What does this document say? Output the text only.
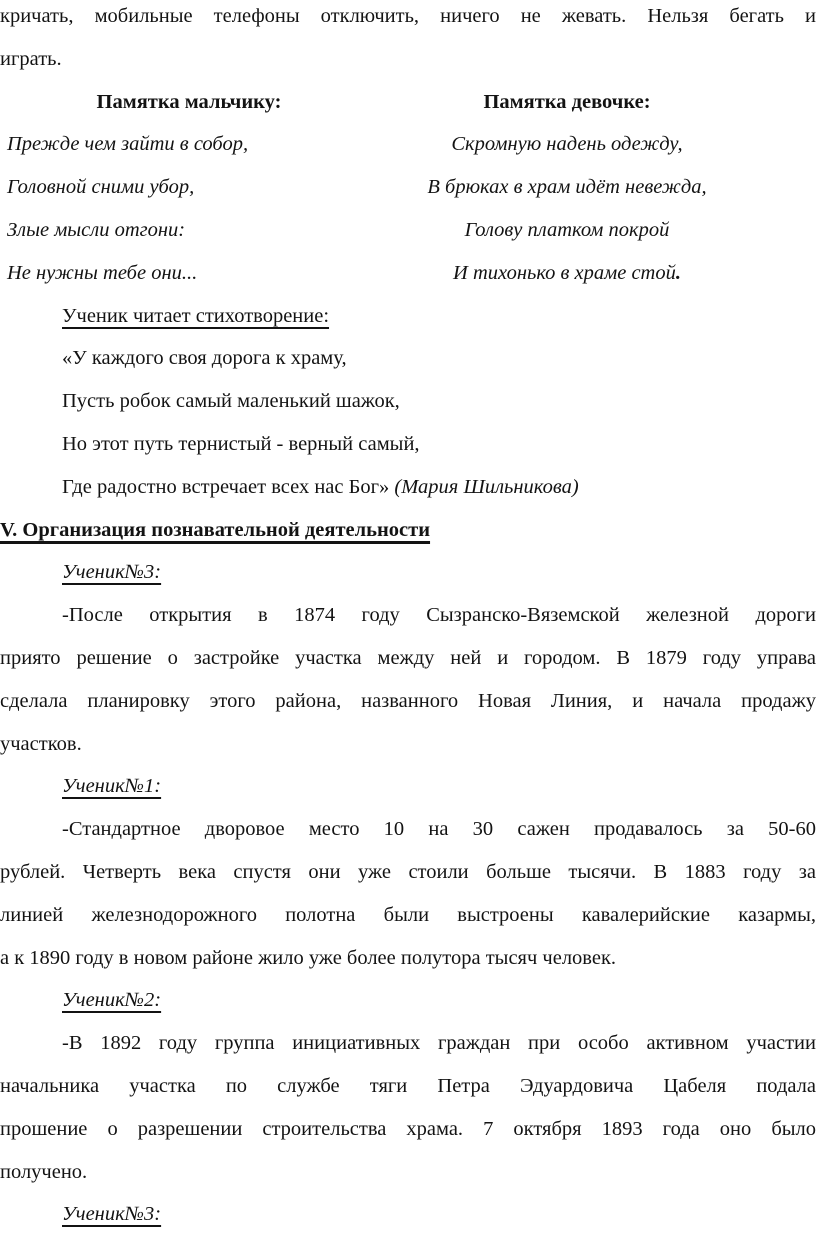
кричать, мобильные телефоны отключить, ничего не жевать. Нельзя бегать и
играть.
Памятка мальчику:
Прежде чем зайти в собор,
Головной сними убор,
Злые мысли отгони:
Не нужны тебе они...
Памятка девочке:
Скромную надень одежду,
В брюках в храм идёт невежда,
Голову платком покрой
И тихонько в храме стой.
Ученик читает стихотворение:
«У каждого своя дорога к храму,
Пусть робок самый маленький шажок,
Но этот путь тернистый - верный самый,
Где радостно встречает всех нас Бог» (Мария Шильникова)
V. Организация познавательной деятельности
Ученик№3:
-После открытия в 1874 году Сызранско-Вяземской железной дороги
приято решение о застройке участка между ней и городом. В 1879 году управа
сделала планировку этого района, названного Новая Линия, и начала продажу
участков.
Ученик№1:
-Стандартное дворовое место 10 на 30 сажен продавалось за 50-60
рублей. Четверть века спустя они уже стоили больше тысячи. В 1883 году за
линией железнодорожного полотна были выстроены кавалерийские казармы,
а к 1890 году в новом районе жило уже более полутора тысяч человек.
Ученик№2:
-В 1892 году группа инициативных граждан при особо активном участии
начальника участка по службе тяги Петра Эдуардовича Цабеля подала
прошение о разрешении строительства храма. 7 октября 1893 года оно было
получено.
Ученик№3:
